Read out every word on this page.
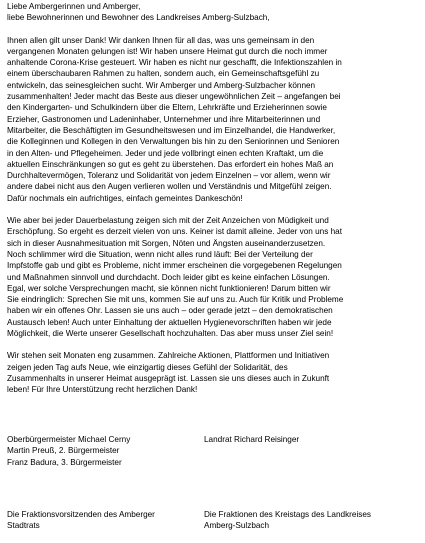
Liebe Ambergerinnen und Amberger,

liebe Bewohnerinnen und Bewohner des Landkreises Amberg-Sulzbach,

Ihnen allen gilt unser Dank! Wir danken Ihnen für all das, was uns gemeinsam in den
vergangenen Monaten gelungen ist! Wir haben unsere Heimat gut durch die noch immer
anhaltende Corona-Krise gesteuert. Wir haben es nicht nur geschafft, die Infektionszahlen in
einem überschaubaren Rahmen zu halten, sondern auch, ein Gemeinschaftsgefühl zu
entwickeln, das seinesgleichen sucht. Wir Amberger und Amberg-Sulzbacher können
zusammenhalten! Jeder macht das Beste aus dieser ungewöhnlichen Zeit – angefangen bei
den Kindergarten- und Schulkindern über die Eltern, Lehrkräfte und Erzieherinnen sowie
Erzieher, Gastronomen und Ladeninhaber, Unternehmer und ihre Mitarbeiterinnen und
Mitarbeiter, die Beschäftigten im Gesundheitswesen und im Einzelhandel, die Handwerker,
die Kolleginnen und Kollegen in den Verwaltungen bis hin zu den Seniorinnen und Senioren
in den Alten- und Pflegeheimen. Jeder und jede vollbringt einen echten Kraftakt, um die
aktuellen Einschränkungen so gut es geht zu überstehen. Das erfordert ein hohes Maß an
Durchhaltevermögen, Toleranz und Solidarität von jedem Einzelnen – vor allem, wenn wir
andere dabei nicht aus den Augen verlieren wollen und Verständnis und Mitgefühl zeigen.
Dafür nochmals ein aufrichtiges, einfach gemeintes Dankeschön!

Wie aber bei jeder Dauerbelastung zeigen sich mit der Zeit Anzeichen von Müdigkeit und
Erschöpfung. So ergeht es derzeit vielen von uns. Keiner ist damit alleine. Jeder von uns hat
sich in dieser Ausnahmesituation mit Sorgen, Nöten und Ängsten auseinanderzusetzen.
Noch schlimmer wird die Situation, wenn nicht alles rund läuft: Bei der Verteilung der
Impfstoffe gab und gibt es Probleme, nicht immer erscheinen die vorgegebenen Regelungen
und Maßnahmen sinnvoll und durchdacht. Doch leider gibt es keine einfachen Lösungen.
Egal, wer solche Versprechungen macht, sie können nicht funktionieren! Darum bitten wir
Sie eindringlich: Sprechen Sie mit uns, kommen Sie auf uns zu. Auch für Kritik und Probleme
haben wir ein offenes Ohr. Lassen sie uns auch – oder gerade jetzt – den demokratischen
Austausch leben! Auch unter Einhaltung der aktuellen Hygienevorschriften haben wir jede
Möglichkeit, die Werte unserer Gesellschaft hochzuhalten. Das aber muss unser Ziel sein!

Wir stehen seit Monaten eng zusammen. Zahlreiche Aktionen, Plattformen und Initiativen
zeigen jeden Tag aufs Neue, wie einzigartig dieses Gefühl der Solidarität, des
Zusammenhalts in unserer Heimat ausgeprägt ist. Lassen sie uns dieses auch in Zukunft
leben! Für Ihre Unterstützung recht herzlichen Dank!

Oberbürgermeister Michael Cerny
Martin Preuß, 2. Bürgermeister
Franz Badura, 3. Bürgermeister

Landrat Richard Reisinger

Die Fraktionsvorsitzenden des Amberger
Stadtrats

Die Fraktionen des Kreistags des Landkreises
Amberg-Sulzbach
